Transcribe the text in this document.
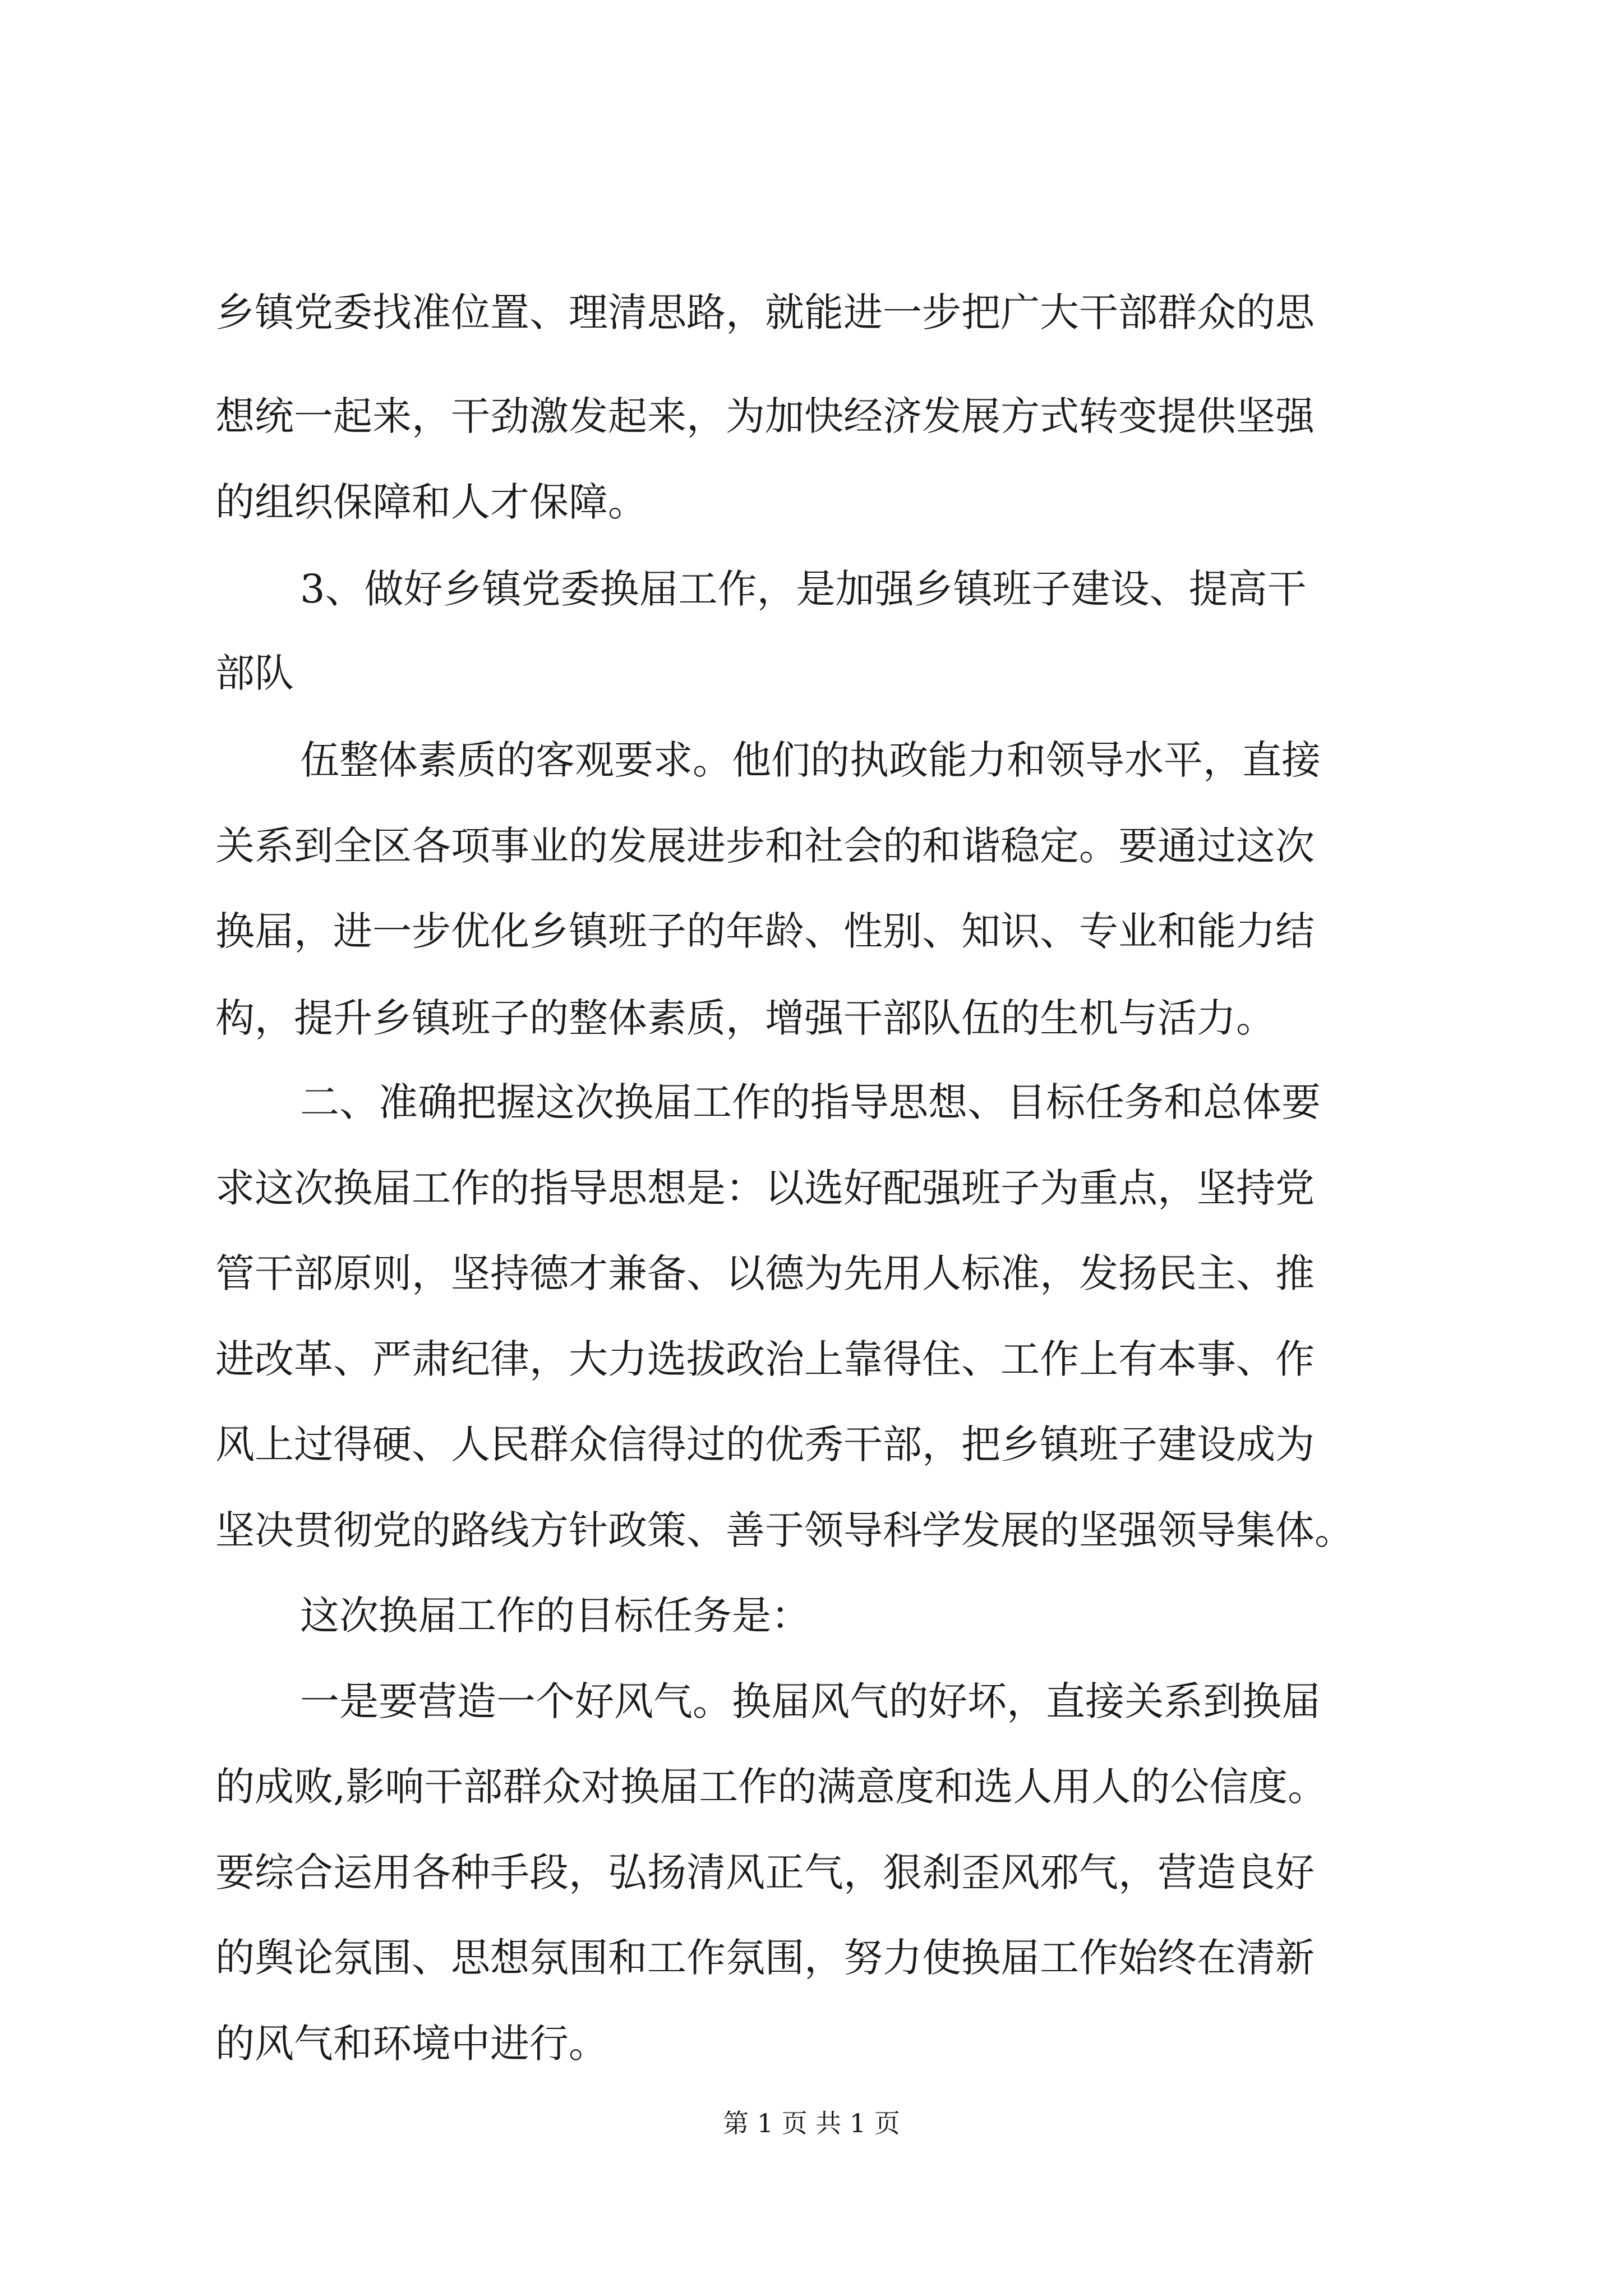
乡镇党委找准位置、理清思路，就能进一步把广大干部群众的思

想统一起来，干劲激发起来，为加快经济发展方式转变提供坚强

的组织保障和人才保障。

3、做好乡镇党委换届工作，是加强乡镇班子建设、提高干

部队

伍整体素质的客观要求。他们的执政能力和领导水平，直接

关系到全区各项事业的发展进步和社会的和谐稳定。要通过这次

换届，进一步优化乡镇班子的年龄、性别、知识、专业和能力结

构，提升乡镇班子的整体素质，增强干部队伍的生机与活力。

二、准确把握这次换届工作的指导思想、目标任务和总体要

求这次换届工作的指导思想是：以选好配强班子为重点，坚持党

管干部原则，坚持德才兼备、以德为先用人标准，发扬民主、推

进改革、严肃纪律，大力选拔政治上靠得住、工作上有本事、作

风上过得硬、人民群众信得过的优秀干部，把乡镇班子建设成为

坚决贯彻党的路线方针政策、善于领导科学发展的坚强领导集体。

这次换届工作的目标任务是：

一是要营造一个好风气。换届风气的好坏，直接关系到换届

的成败,影响干部群众对换届工作的满意度和选人用人的公信度。

要综合运用各种手段，弘扬清风正气，狠刹歪风邪气，营造良好

的舆论氛围、思想氛围和工作氛围，努力使换届工作始终在清新

的风气和环境中进行。

第 1 页 共 1 页
